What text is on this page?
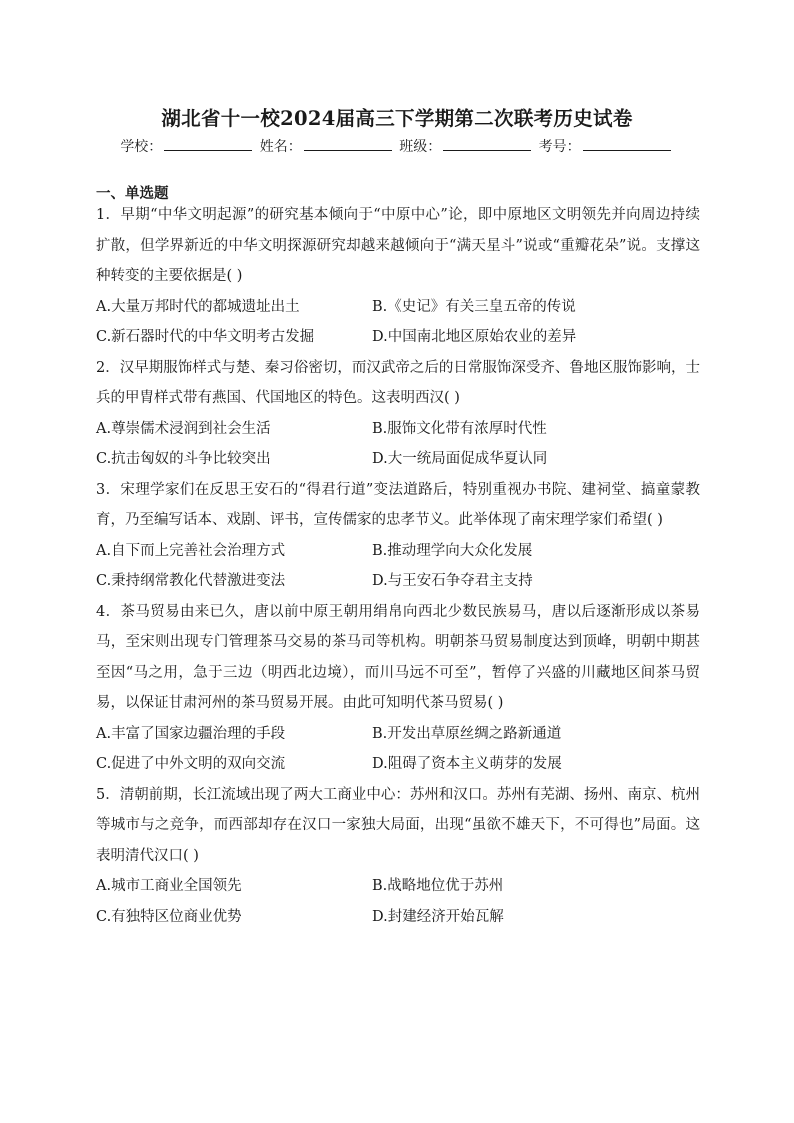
湖北省十一校2024届高三下学期第二次联考历史试卷
学校：	姓名：	班级：	考号：
一、单选题

1．早期“中华文明起源”的研究基本倾向于“中原中心”论，即中原地区文明领先并向周边持续扩散，但学界新近的中华文明探源研究却越来越倾向于“满天星斗”说或“重瓣花朵”说。支撑这种转变的主要依据是( )

A.大量万邦时代的都城遗址出土	B.《史记》有关三皇五帝的传说
C.新石器时代的中华文明考古发掘	D.中国南北地区原始农业的差异

2．汉早期服饰样式与楚、秦习俗密切，而汉武帝之后的日常服饰深受齐、鲁地区服饰影响，士兵的甲胄样式带有燕国、代国地区的特色。这表明西汉( )

A.尊崇儒术浸润到社会生活	B.服饰文化带有浓厚时代性
C.抗击匈奴的斗争比较突出	D.大一统局面促成华夏认同

3．宋理学家们在反思王安石的“得君行道”变法道路后，特别重视办书院、建祠堂、搞童蒙教育，乃至编写话本、戏剧、评书，宣传儒家的忠孝节义。此举体现了南宋理学家们希望( )

A.自下而上完善社会治理方式	B.推动理学向大众化发展
C.秉持纲常教化代替激进变法	D.与王安石争夺君主支持

4．茶马贸易由来已久，唐以前中原王朝用绢帛向西北少数民族易马，唐以后逐渐形成以茶易马，至宋则出现专门管理茶马交易的茶马司等机构。明朝茶马贸易制度达到顶峰，明朝中期甚至因“马之用，急于三边（明西北边境），而川马远不可至”，暂停了兴盛的川藏地区间茶马贸易，以保证甘肃河州的茶马贸易开展。由此可知明代茶马贸易( )

A.丰富了国家边疆治理的手段	B.开发出草原丝绸之路新通道
C.促进了中外文明的双向交流	D.阻碍了资本主义萌芽的发展

5．清朝前期，长江流域出现了两大工商业中心：苏州和汉口。苏州有芜湖、扬州、南京、杭州等城市与之竞争，而西部却存在汉口一家独大局面，出现“虽欲不雄天下，不可得也”局面。这表明清代汉口( )

A.城市工商业全国领先	B.战略地位优于苏州
C.有独特区位商业优势	D.封建经济开始瓦解
